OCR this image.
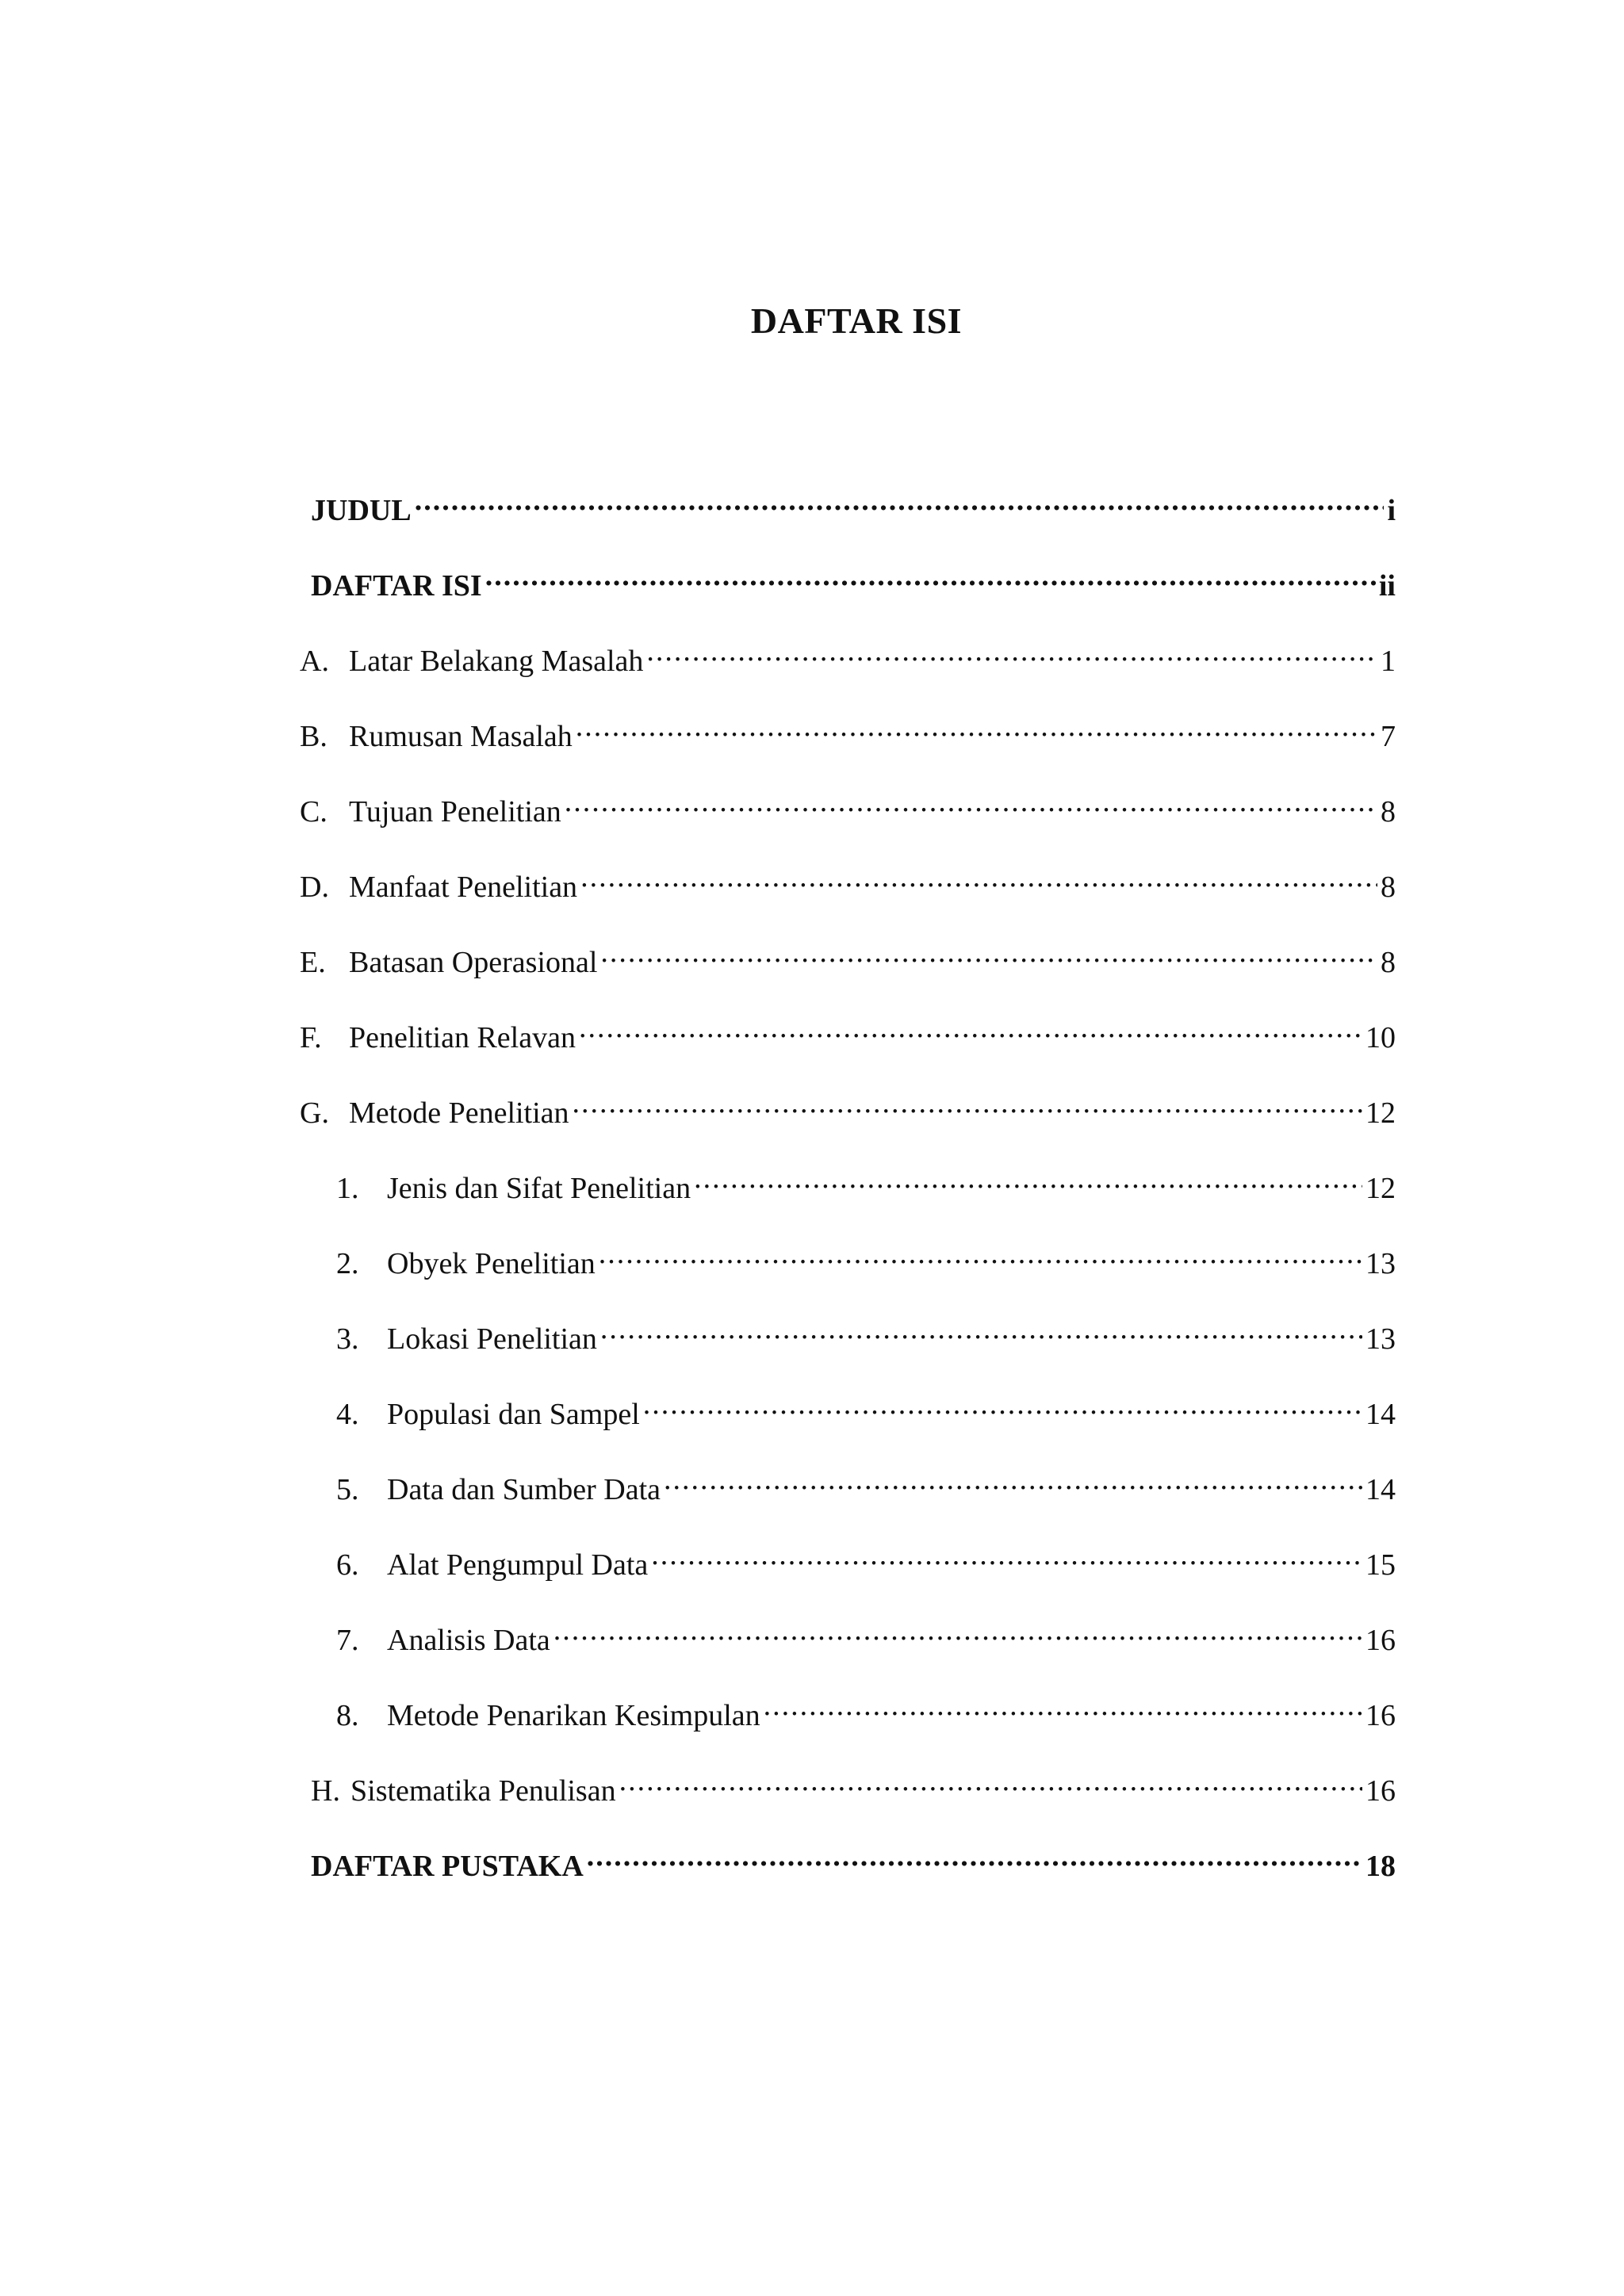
DAFTAR ISI
JUDUL .....	i
DAFTAR ISI .....	ii
A. Latar Belakang Masalah .....	1
B. Rumusan Masalah .....	7
C. Tujuan Penelitian .....	8
D. Manfaat Penelitian .....	8
E. Batasan Operasional .....	8
F. Penelitian Relavan .....	10
G. Metode Penelitian .....	12
1. Jenis dan Sifat Penelitian .....	12
2. Obyek Penelitian .....	13
3. Lokasi Penelitian .....	13
4. Populasi dan Sampel .....	14
5. Data dan Sumber Data .....	14
6. Alat Pengumpul Data .....	15
7. Analisis Data .....	16
8. Metode Penarikan Kesimpulan .....	16
H. Sistematika Penulisan .....	16
DAFTAR PUSTAKA .....	18
